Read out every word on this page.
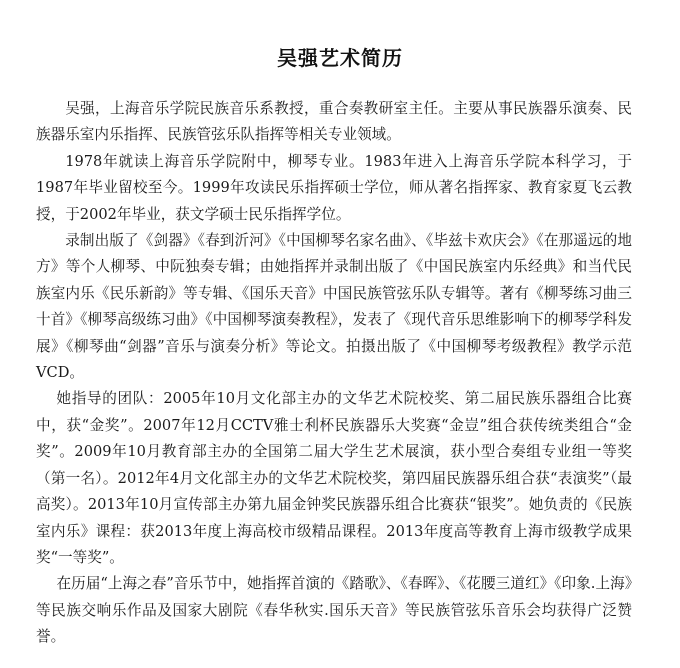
吴强艺术简历

吴强，上海音乐学院民族音乐系教授，重合奏教研室主任。主要从事民族器乐演奏、民族器乐室内乐指挥、民族管弦乐队指挥等相关专业领域。

1978年就读上海音乐学院附中，柳琴专业。1983年进入上海音乐学院本科学习，于1987年毕业留校至今。1999年攻读民乐指挥硕士学位，师从著名指挥家、教育家夏飞云教授，于2002年毕业，获文学硕士民乐指挥学位。

录制出版了《剑器》《春到沂河》《中国柳琴名家名曲》、《毕兹卡欢庆会》《在那遥远的地方》等个人柳琴、中阮独奏专辑；由她指挥并录制出版了《中国民族室内乐经典》和当代民族室内乐《民乐新韵》等专辑、《国乐天音》中国民族管弦乐队专辑等。著有《柳琴练习曲三十首》《柳琴高级练习曲》《中国柳琴演奏教程》，发表了《现代音乐思维影响下的柳琴学科发展》《柳琴曲“剑器”音乐与演奏分析》等论文。拍摄出版了《中国柳琴考级教程》教学示范VCD。

她指导的团队：2005年10月文化部主办的文华艺术院校奖、第二届民族乐器组合比赛中，获“金奖”。2007年12月CCTV雅士利杯民族器乐大奖赛“金豈”组合获传统类组合“金奖”。2009年10月教育部主办的全国第二届大学生艺术展演，获小型合奏组专业组一等奖（第一名）。2012年4月文化部主办的文华艺术院校奖，第四届民族器乐组合获“表演奖”（最高奖）。2013年10月宣传部主办第九届金钟奖民族器乐组合比赛获“银奖”。她负责的《民族室内乐》课程：获2013年度上海高校市级精品课程。2013年度高等教育上海市级教学成果奖“一等奖”。

在历届“上海之春”音乐节中，她指挥首演的《踏歌》、《春晖》、《花腰三道红》《印象.上海》等民族交响乐作品及国家大剧院《春华秋实.国乐天音》等民族管弦乐音乐会均获得广泛赞誉。
